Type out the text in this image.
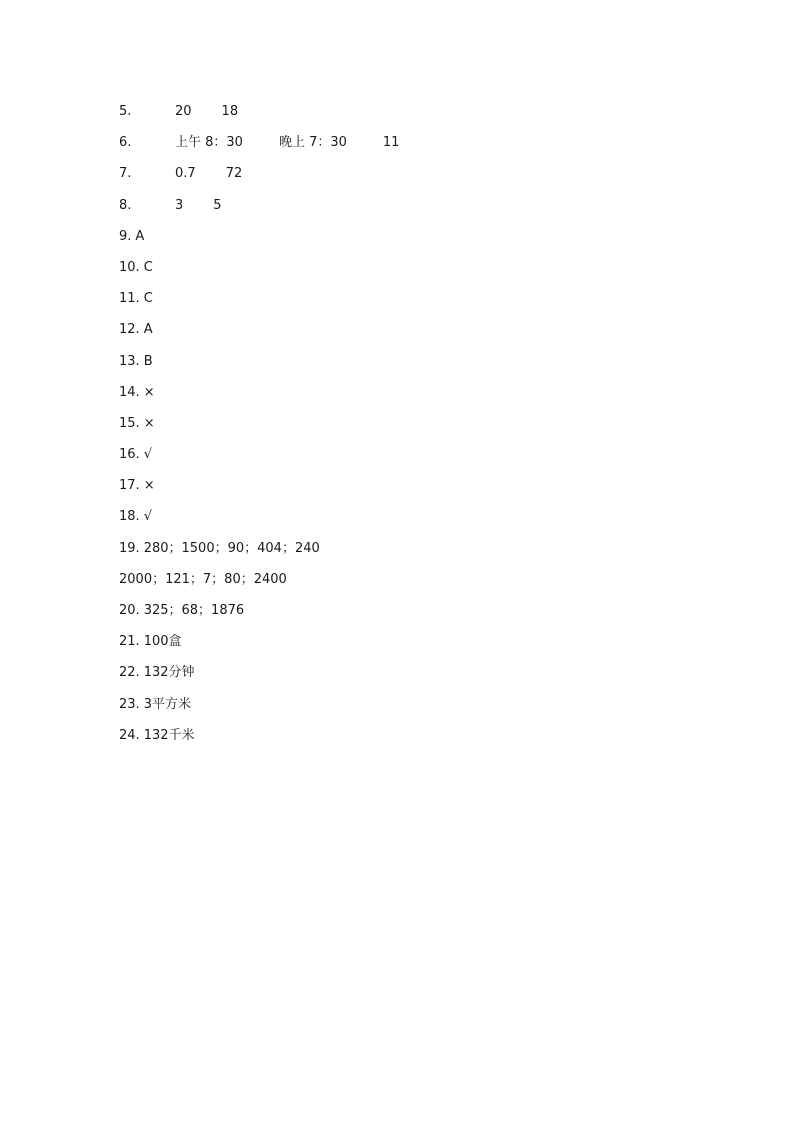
5.	20 18
6.	上午 8：30	晚上 7：30	11
7.	0.7 72
8.	3 5
9. A
10. C
11. C
12. A
13. B
14. ×
15. ×
16. √
17. ×
18. √
19. 280；1500；90；404；240
2000；121；7；80；2400
20. 325；68；1876
21. 100盒
22. 132分钟
23. 3平方米
24. 132千米
